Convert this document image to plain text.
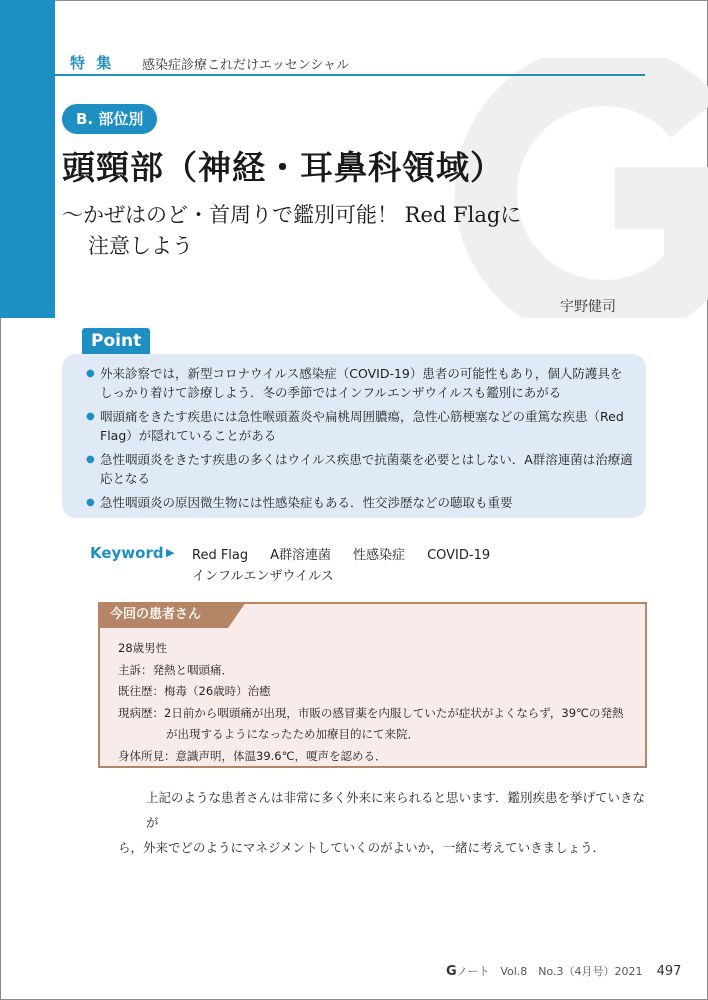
特 集 感染症診療これだけエッセンシャル
B. 部位別
頭頸部（神経・耳鼻科領域）
～かぜはのど・首周りで鑑別可能！ Red Flagに
注意しよう
宇野健司
Point
● 外来診察では，新型コロナウイルス感染症（COVID-19）患者の可能性もあり，個人防護具をしっかり着けて診療しよう．冬の季節ではインフルエンザウイルスも鑑別にあがる
● 咽頭痛をきたす疾患には急性喉頭蓋炎や扁桃周囲膿瘍，急性心筋梗塞などの重篤な疾患（Red Flag）が隠れていることがある
● 急性咽頭炎をきたす疾患の多くはウイルス疾患で抗菌薬を必要とはしない．A群溶連菌は治療適応となる
● 急性咽頭炎の原因微生物には性感染症もある．性交渉歴などの聴取も重要
Keyword ▶ Red Flag A群溶連菌 性感染症 COVID-19
インフルエンザウイルス
今回の患者さん
28歳男性
主訴：発熱と咽頭痛．
既往歴：梅毒（26歳時）治癒
現病歴：2日前から咽頭痛が出現，市販の感冒薬を内服していたが症状がよくならず，39℃の発熱
が出現するようになったため加療目的にて来院．
身体所見：意識声明，体温39.6℃，嗄声を認める．
上記のような患者さんは非常に多く外来に来られると思います．鑑別疾患を挙げていきなが
ら，外来でどのようにマネジメントしていくのがよいか，一緒に考えていきましょう．
Gノート　 Vol.8　No.3（4月号）2021 497
